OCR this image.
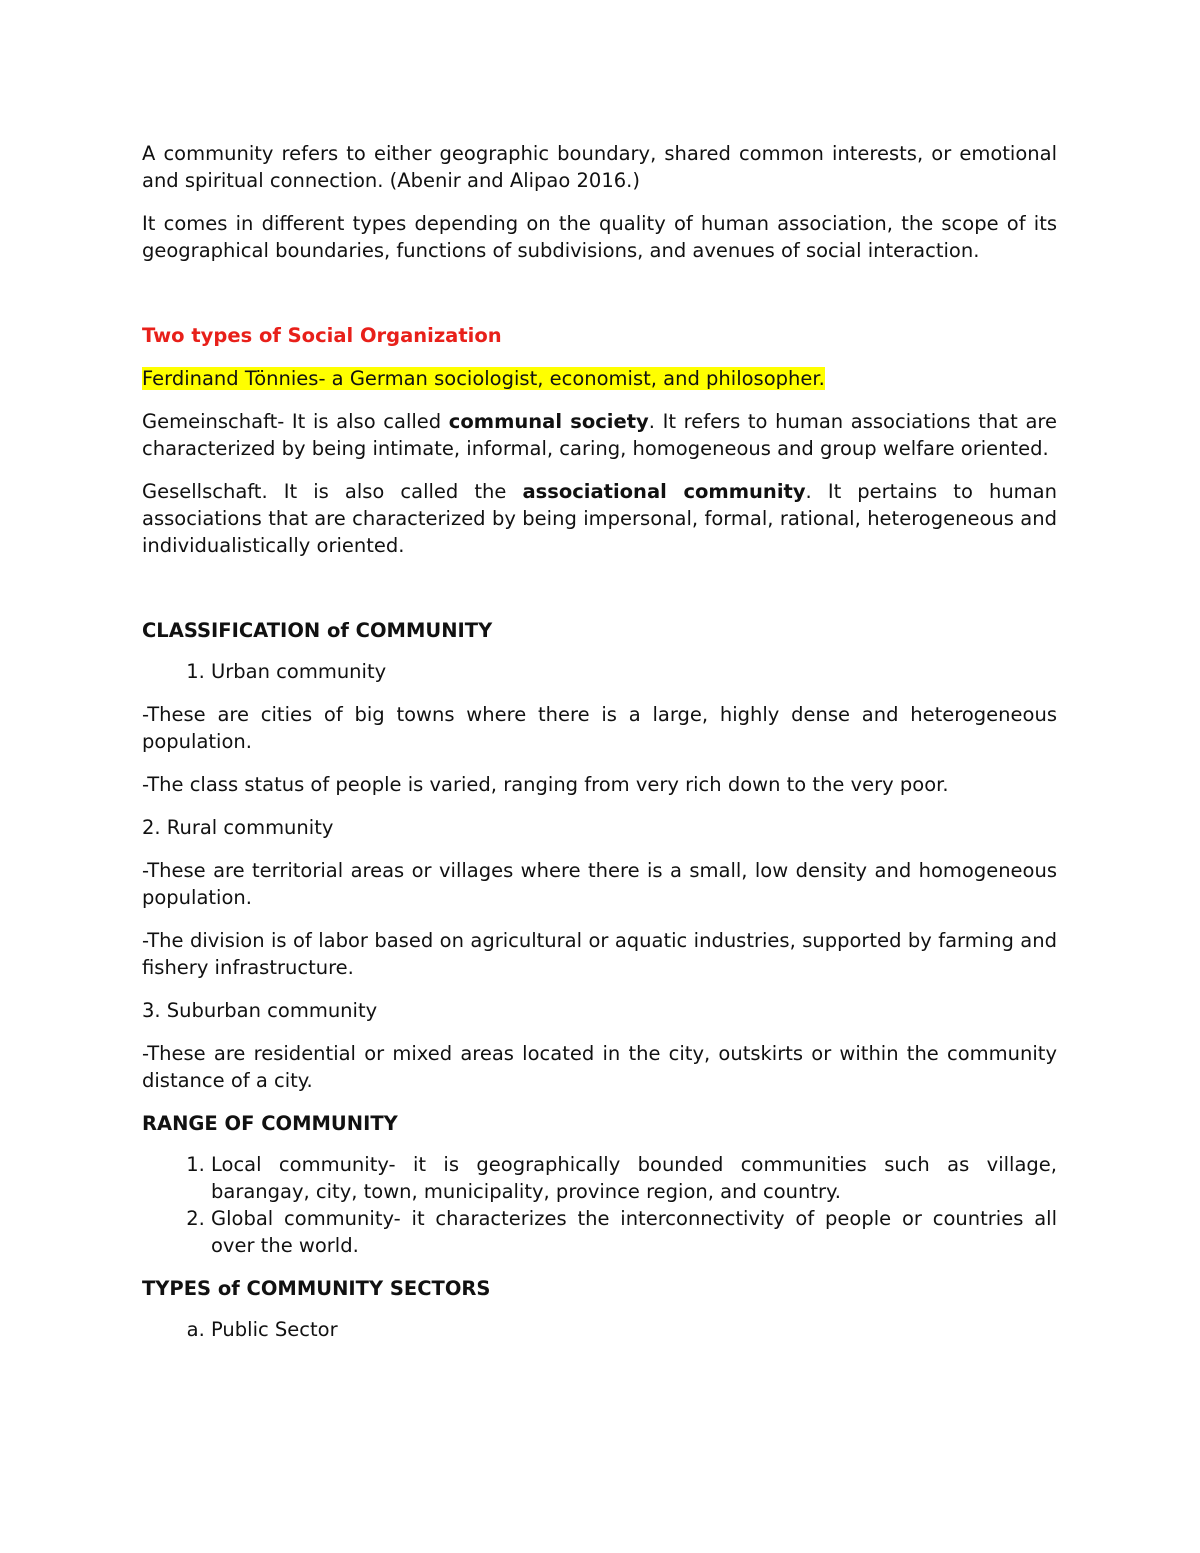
A community refers to either geographic boundary, shared common interests, or emotional and spiritual connection. (Abenir and Alipao 2016.)

It comes in different types depending on the quality of human association, the scope of its geographical boundaries, functions of subdivisions, and avenues of social interaction.

Two types of Social Organization

Ferdinand Tönnies- a German sociologist, economist, and philosopher.

Gemeinschaft- It is also called communal society. It refers to human associations that are characterized by being intimate, informal, caring, homogeneous and group welfare oriented.

Gesellschaft. It is also called the associational community. It pertains to human associations that are characterized by being impersonal, formal, rational, heterogeneous and individualistically oriented.

CLASSIFICATION of COMMUNITY

1. Urban community

-These are cities of big towns where there is a large, highly dense and heterogeneous population.

-The class status of people is varied, ranging from very rich down to the very poor.

2. Rural community

-These are territorial areas or villages where there is a small, low density and homogeneous population.

-The division is of labor based on agricultural or aquatic industries, supported by farming and fishery infrastructure.

3. Suburban community

-These are residential or mixed areas located in the city, outskirts or within the community distance of a city.

RANGE OF COMMUNITY

1. Local community- it is geographically bounded communities such as village, barangay, city, town, municipality, province region, and country.
2. Global community- it characterizes the interconnectivity of people or countries all over the world.

TYPES of COMMUNITY SECTORS

a. Public Sector
